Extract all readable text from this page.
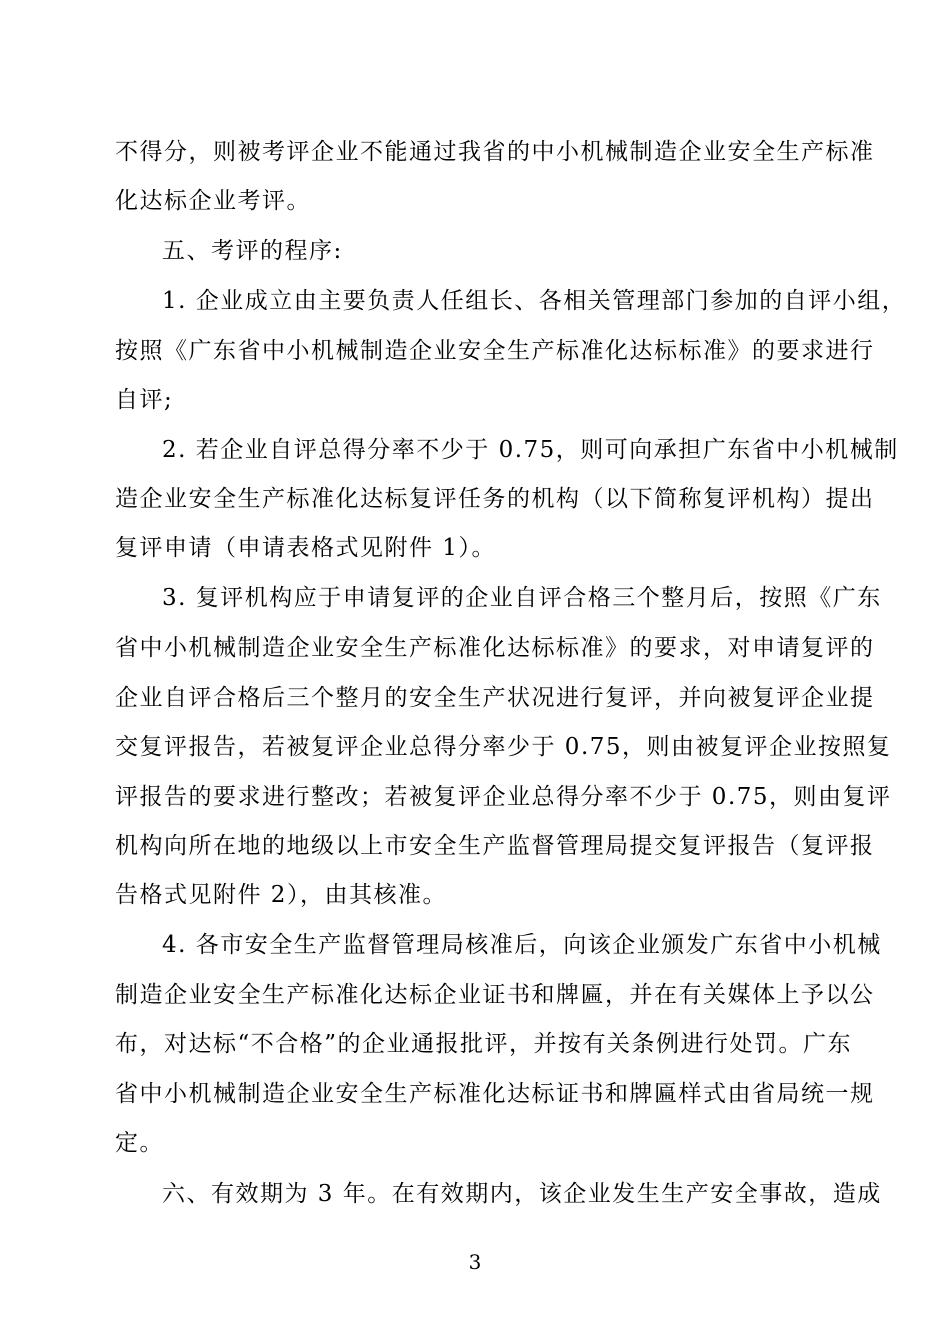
不得分，则被考评企业不能通过我省的中小机械制造企业安全生产标准
化达标企业考评。
五、考评的程序:
1. 企业成立由主要负责人任组长、各相关管理部门参加的自评小组，
按照《广东省中小机械制造企业安全生产标准化达标标准》的要求进行
自评;
2. 若企业自评总得分率不少于 0.75，则可向承担广东省中小机械制
造企业安全生产标准化达标复评任务的机构（以下简称复评机构）提出
复评申请（申请表格式见附件 1）。
3. 复评机构应于申请复评的企业自评合格三个整月后，按照《广东
省中小机械制造企业安全生产标准化达标标准》的要求，对申请复评的
企业自评合格后三个整月的安全生产状况进行复评，并向被复评企业提
交复评报告，若被复评企业总得分率少于 0.75，则由被复评企业按照复
评报告的要求进行整改；若被复评企业总得分率不少于 0.75，则由复评
机构向所在地的地级以上市安全生产监督管理局提交复评报告（复评报
告格式见附件 2），由其核准。
4. 各市安全生产监督管理局核准后，向该企业颁发广东省中小机械
制造企业安全生产标准化达标企业证书和牌匾，并在有关媒体上予以公
布，对达标“不合格”的企业通报批评，并按有关条例进行处罚。广东
省中小机械制造企业安全生产标准化达标证书和牌匾样式由省局统一规
定。
六、有效期为 3 年。在有效期内，该企业发生生产安全事故，造成
3
